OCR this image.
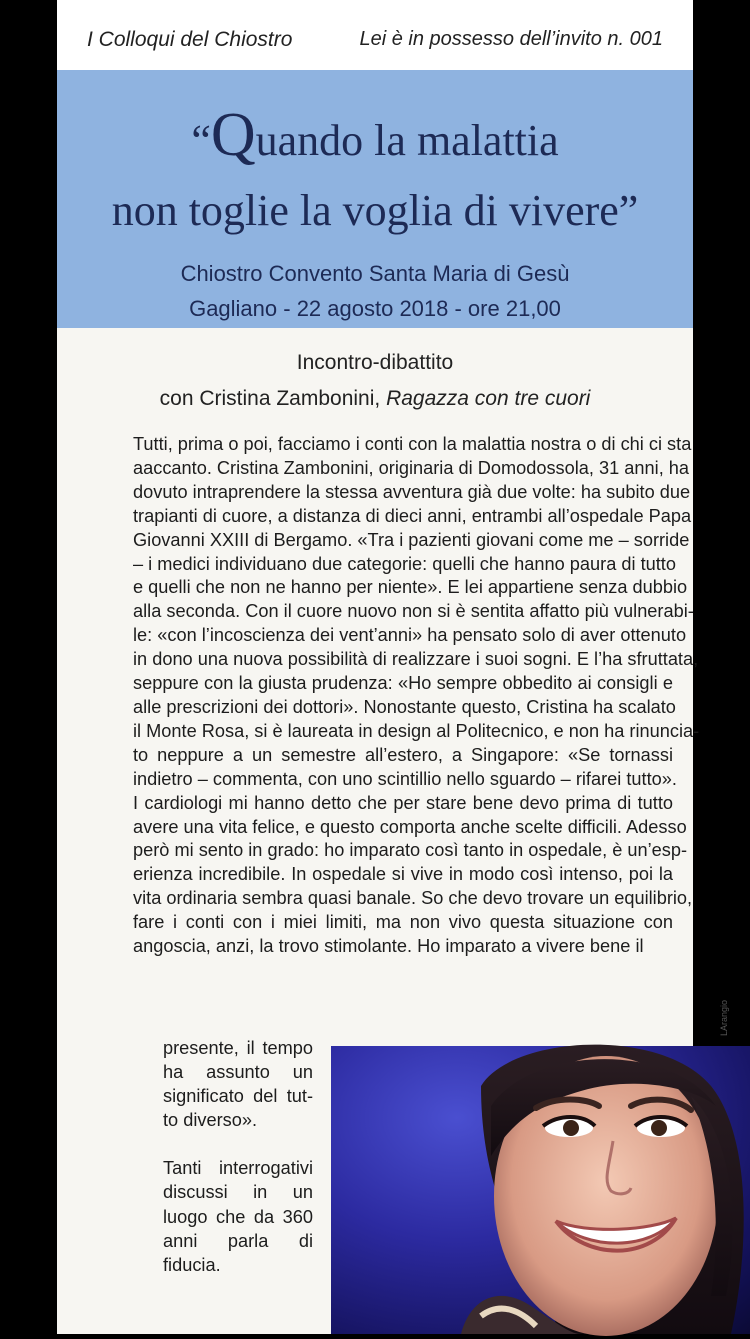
I Colloqui del Chiostro	Lei è in possesso dell’invito n. 001
“Quando la malattia
non toglie la voglia di vivere”
Chiostro Convento Santa Maria di Gesù
Gagliano - 22 agosto 2018 - ore 21,00
Incontro-dibattito
con Cristina Zambonini, Ragazza con tre cuori
Tutti, prima o poi, facciamo i conti con la malattia nostra o di chi ci sta
aaccanto. Cristina Zambonini, originaria di Domodossola, 31 anni, ha
dovuto intraprendere la stessa avventura già due volte: ha subito due
trapianti di cuore, a distanza di dieci anni, entrambi all’ospedale Papa
Giovanni XXIII di Bergamo. «Tra i pazienti giovani come me – sorride
– i medici individuano due categorie: quelli che hanno paura di tutto
e quelli che non ne hanno per niente». E lei appartiene senza dubbio
alla seconda. Con il cuore nuovo non si è sentita affatto più vulnerabi-
le: «con l’incoscienza dei vent’anni» ha pensato solo di aver ottenuto
in dono una nuova possibilità di realizzare i suoi sogni. E l’ha sfruttata,
seppure con la giusta prudenza: «Ho sempre obbedito ai consigli e
alle prescrizioni dei dottori». Nonostante questo, Cristina ha scalato
il Monte Rosa, si è laureata in design al Politecnico, e non ha rinuncia-
to neppure a un semestre all’estero, a Singapore: «Se tornassi
indietro – commenta, con uno scintillio nello sguardo – rifarei tutto».
I cardiologi mi hanno detto che per stare bene devo prima di tutto
avere una vita felice, e questo comporta anche scelte difficili. Adesso
però mi sento in grado: ho imparato così tanto in ospedale, è un’esp-
erienza incredibile. In ospedale si vive in modo così intenso, poi la
vita ordinaria sembra quasi banale. So che devo trovare un equilibrio,
fare i conti con i miei limiti, ma non vivo questa situazione con
angoscia, anzi, la trovo stimolante. Ho imparato a vivere bene il
presente, il tempo
ha assunto un
significato del tut-
to diverso».
Tanti interrogativi
discussi in un
luogo che da 360
anni parla di
fiducia.
LArangio
